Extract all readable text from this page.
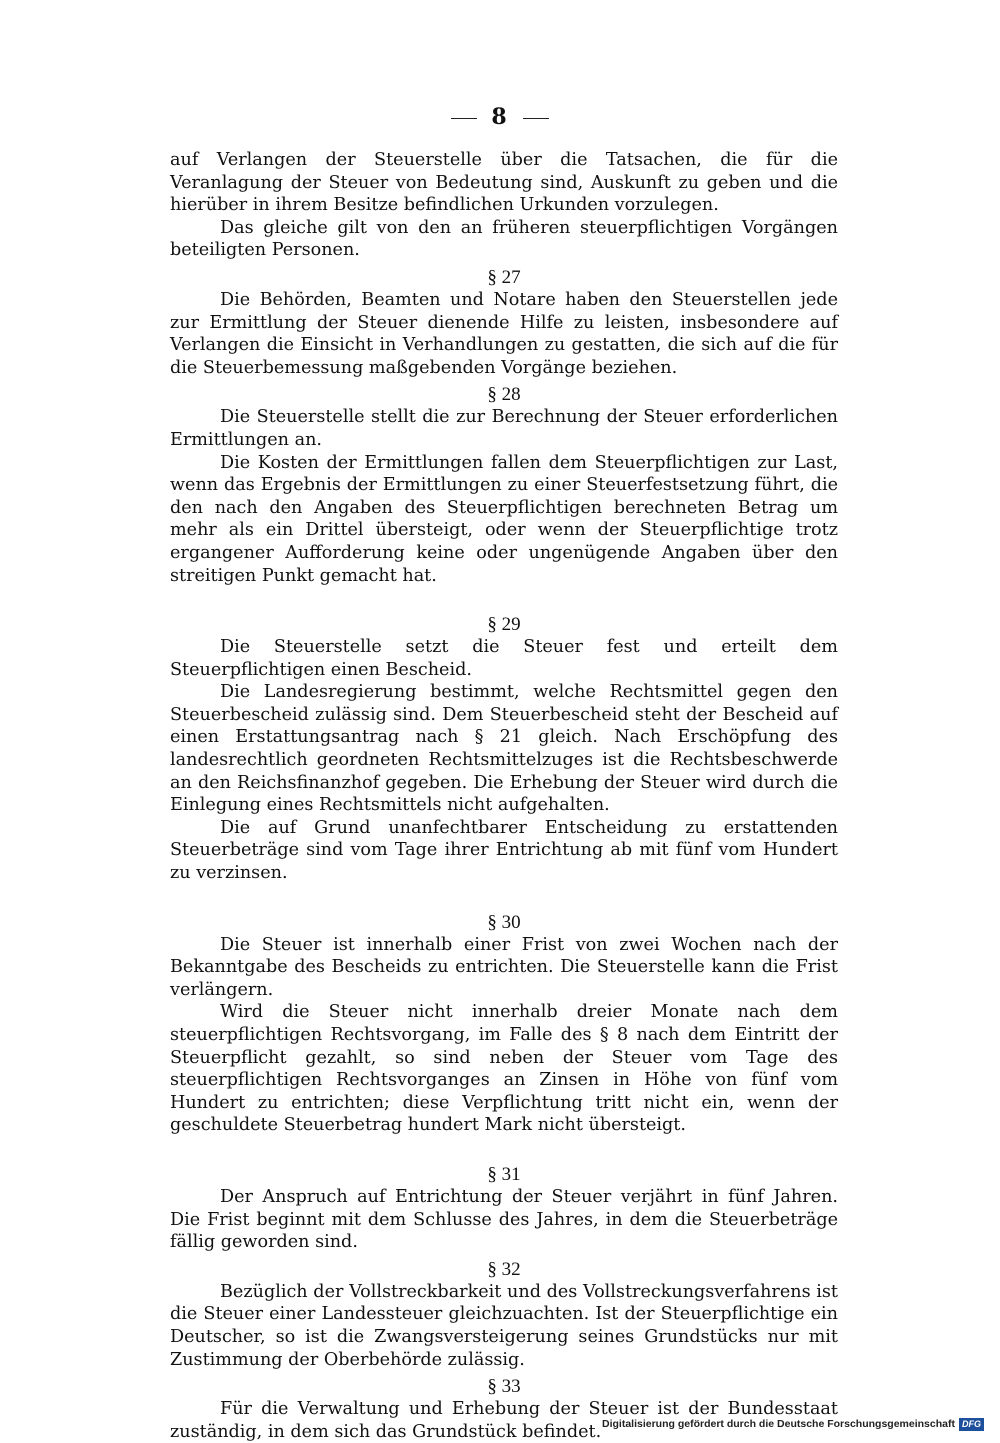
8

auf Verlangen der Steuerstelle über die Tatsachen, die für die Veranlagung der Steuer von Bedeutung sind, Auskunft zu geben und die hierüber in ihrem Besitze befindlichen Urkunden vorzulegen.

Das gleiche gilt von den an früheren steuerpflichtigen Vorgängen beteiligten Personen.

§ 27

Die Behörden, Beamten und Notare haben den Steuerstellen jede zur Ermittlung der Steuer dienende Hilfe zu leisten, insbesondere auf Verlangen die Einsicht in Verhandlungen zu gestatten, die sich auf die für die Steuerbemessung maßgebenden Vorgänge beziehen.

§ 28

Die Steuerstelle stellt die zur Berechnung der Steuer erforderlichen Ermittlungen an.

Die Kosten der Ermittlungen fallen dem Steuerpflichtigen zur Last, wenn das Ergebnis der Ermittlungen zu einer Steuerfestsetzung führt, die den nach den Angaben des Steuerpflichtigen berechneten Betrag um mehr als ein Drittel übersteigt, oder wenn der Steuerpflichtige trotz ergangener Aufforderung keine oder ungenügende Angaben über den streitigen Punkt gemacht hat.

§ 29

Die Steuerstelle setzt die Steuer fest und erteilt dem Steuerpflichtigen einen Bescheid.

Die Landesregierung bestimmt, welche Rechtsmittel gegen den Steuerbescheid zulässig sind. Dem Steuerbescheid steht der Bescheid auf einen Erstattungsantrag nach § 21 gleich. Nach Erschöpfung des landesrechtlich geordneten Rechtsmittelzuges ist die Rechtsbeschwerde an den Reichsfinanzhof gegeben. Die Erhebung der Steuer wird durch die Einlegung eines Rechtsmittels nicht aufgehalten.

Die auf Grund unanfechtbarer Entscheidung zu erstattenden Steuerbeträge sind vom Tage ihrer Entrichtung ab mit fünf vom Hundert zu verzinsen.

§ 30

Die Steuer ist innerhalb einer Frist von zwei Wochen nach der Bekanntgabe des Bescheids zu entrichten. Die Steuerstelle kann die Frist verlängern.

Wird die Steuer nicht innerhalb dreier Monate nach dem steuerpflichtigen Rechtsvorgang, im Falle des § 8 nach dem Eintritt der Steuerpflicht gezahlt, so sind neben der Steuer vom Tage des steuerpflichtigen Rechtsvorganges an Zinsen in Höhe von fünf vom Hundert zu entrichten; diese Verpflichtung tritt nicht ein, wenn der geschuldete Steuerbetrag hundert Mark nicht übersteigt.

§ 31

Der Anspruch auf Entrichtung der Steuer verjährt in fünf Jahren. Die Frist beginnt mit dem Schlusse des Jahres, in dem die Steuerbeträge fällig geworden sind.

§ 32

Bezüglich der Vollstreckbarkeit und des Vollstreckungsverfahrens ist die Steuer einer Landessteuer gleichzuachten. Ist der Steuerpflichtige ein Deutscher, so ist die Zwangsversteigerung seines Grundstücks nur mit Zustimmung der Oberbehörde zulässig.

§ 33

Für die Verwaltung und Erhebung der Steuer ist der Bundesstaat zuständig, in dem sich das Grundstück befindet. Digitalisierung gefördert durch die Deutsche Forschungsgemeinschaft DFG
